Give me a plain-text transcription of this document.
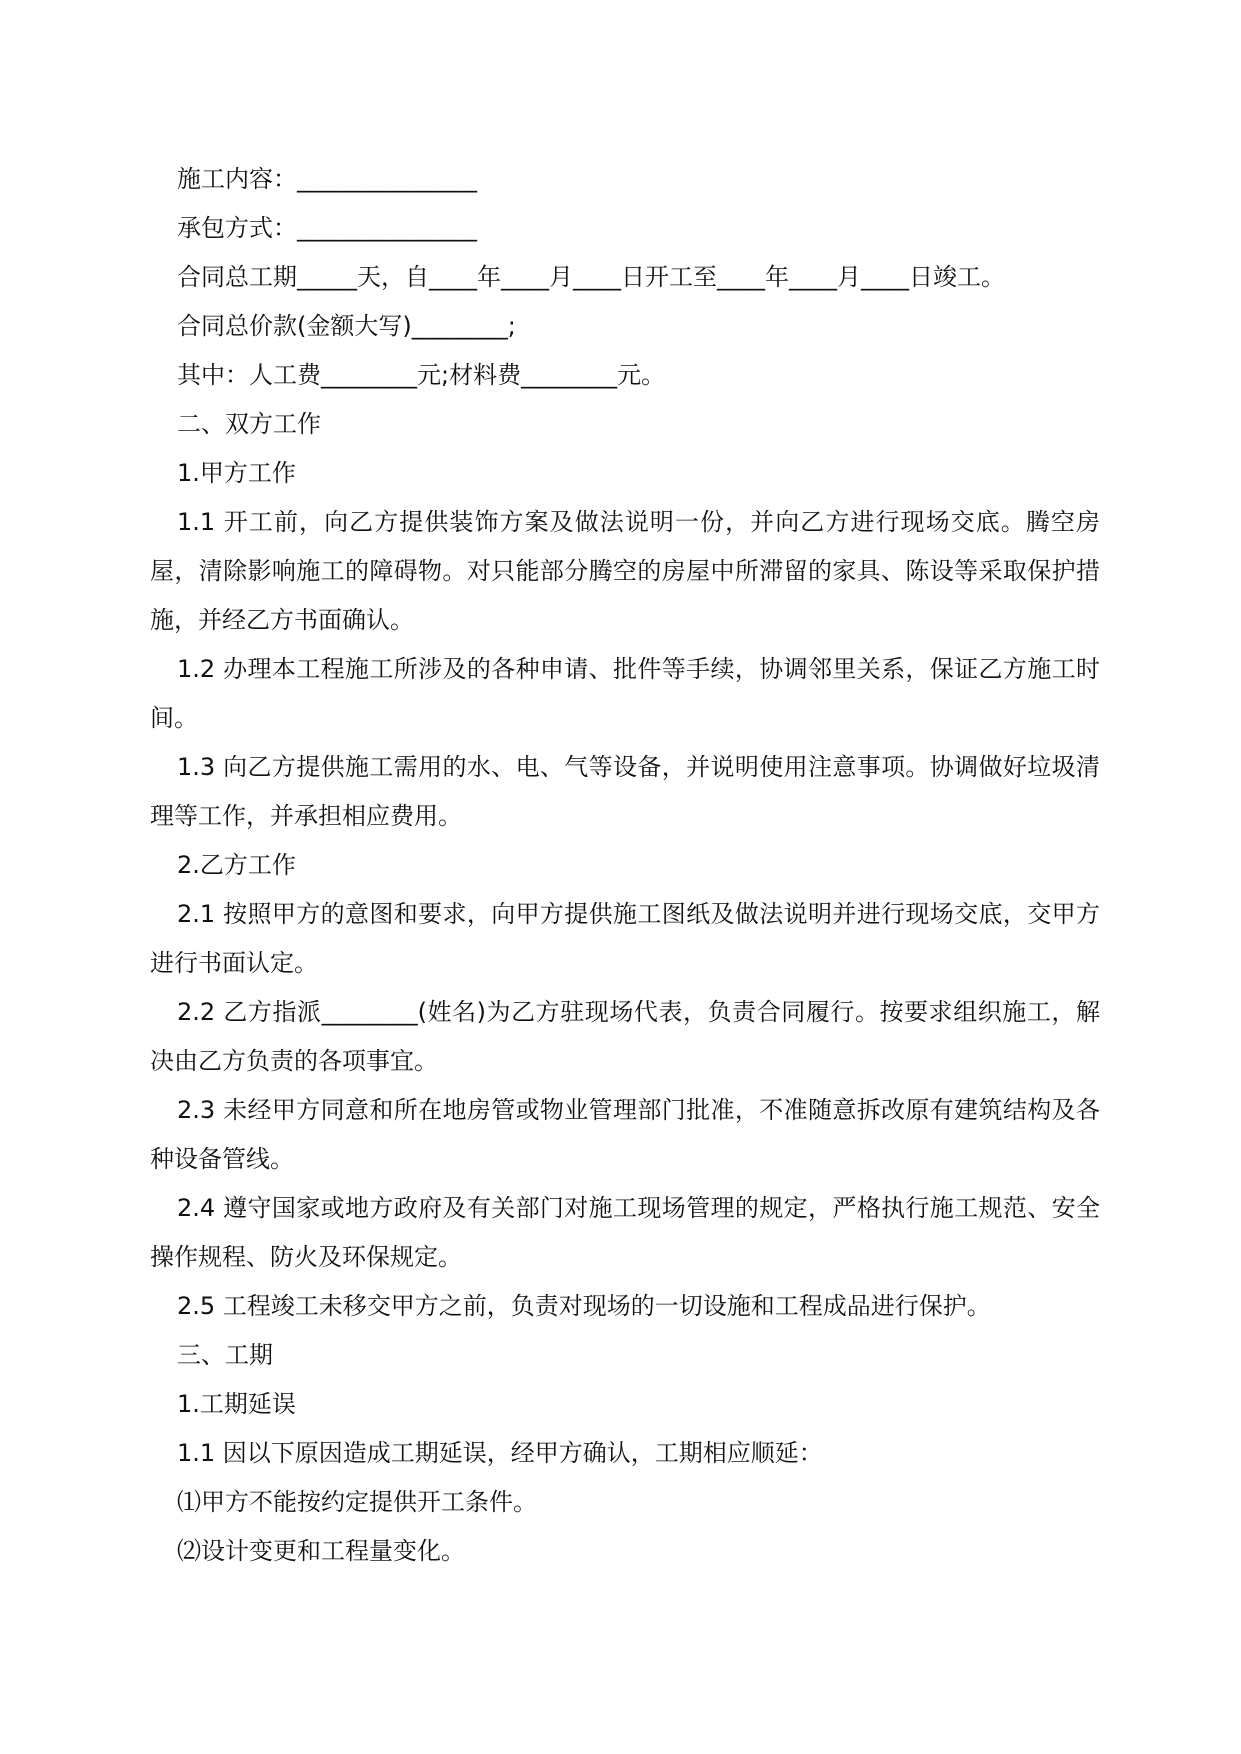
施工内容：_______________

承包方式：_______________

合同总工期_____天，自____年____月____日开工至____年____月____日竣工。

合同总价款(金额大写)________;

其中：人工费________元;材料费________元。

二、双方工作

1.甲方工作

1.1 开工前，向乙方提供装饰方案及做法说明一份，并向乙方进行现场交底。腾空房屋，清除影响施工的障碍物。对只能部分腾空的房屋中所滞留的家具、陈设等采取保护措施，并经乙方书面确认。

1.2 办理本工程施工所涉及的各种申请、批件等手续，协调邻里关系，保证乙方施工时间。

1.3 向乙方提供施工需用的水、电、气等设备，并说明使用注意事项。协调做好垃圾清理等工作，并承担相应费用。

2.乙方工作

2.1 按照甲方的意图和要求，向甲方提供施工图纸及做法说明并进行现场交底，交甲方进行书面认定。

2.2 乙方指派________(姓名)为乙方驻现场代表，负责合同履行。按要求组织施工，解决由乙方负责的各项事宜。

2.3 未经甲方同意和所在地房管或物业管理部门批准，不准随意拆改原有建筑结构及各种设备管线。

2.4 遵守国家或地方政府及有关部门对施工现场管理的规定，严格执行施工规范、安全操作规程、防火及环保规定。

2.5 工程竣工未移交甲方之前，负责对现场的一切设施和工程成品进行保护。

三、工期

1.工期延误

1.1 因以下原因造成工期延误，经甲方确认，工期相应顺延：

⑴甲方不能按约定提供开工条件。

⑵设计变更和工程量变化。
